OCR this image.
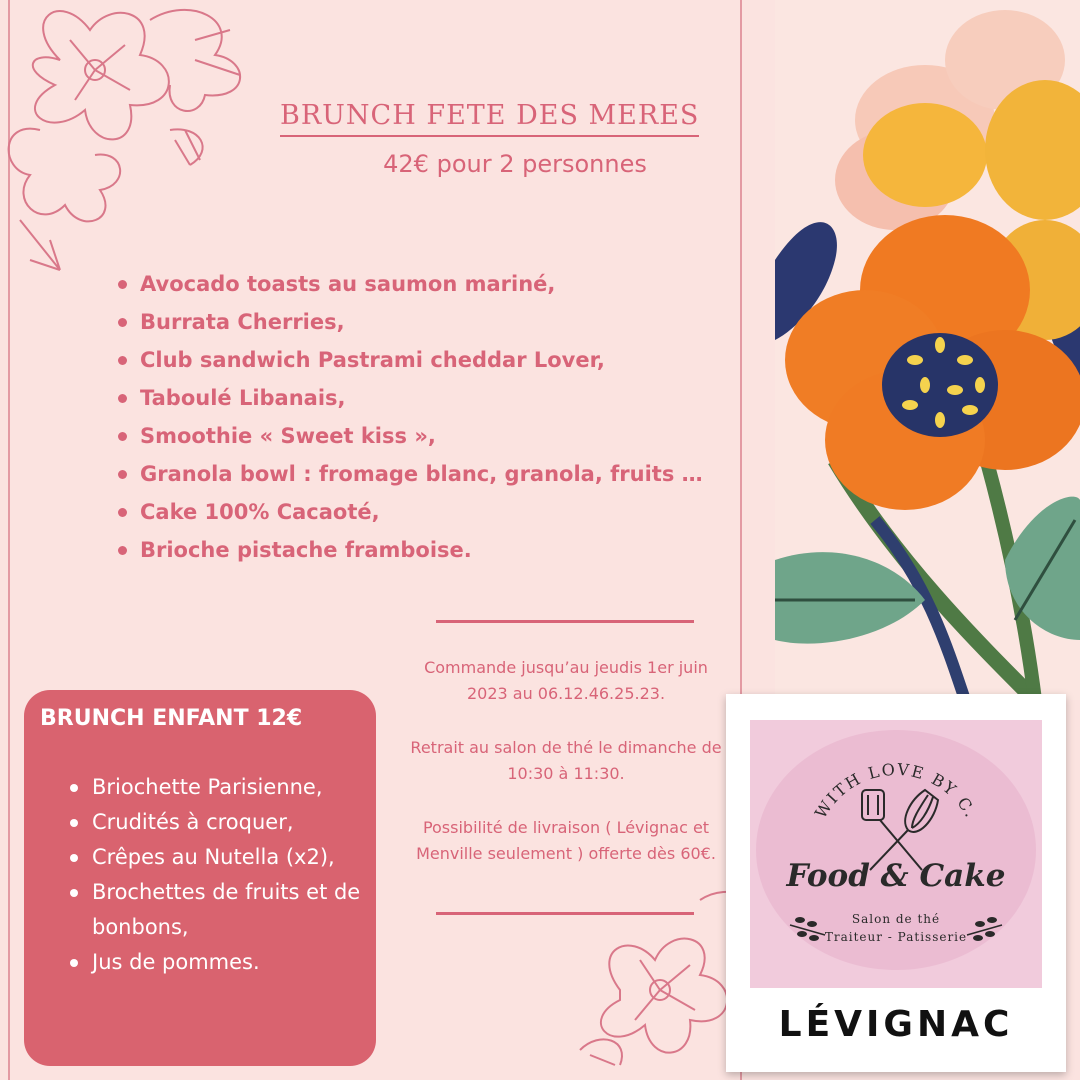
BRUNCH FETE DES MERES
42€ pour 2 personnes
Avocado toasts au saumon mariné,
Burrata Cherries,
Club sandwich Pastrami cheddar Lover,
Taboulé Libanais,
Smoothie « Sweet kiss »,
Granola bowl : fromage blanc, granola, fruits …
Cake 100% Cacaoté,
Brioche pistache framboise.
Commande jusqu’au jeudis 1er juin 2023 au 06.12.46.25.23.
Retrait au salon de thé le dimanche de 10:30 à 11:30.
Possibilité de livraison ( Lévignac et Menville seulement ) offerte dès 60€.
BRUNCH ENFANT 12€
Briochette Parisienne,
Crudités à croquer,
Crêpes au Nutella (x2),
Brochettes de fruits et de bonbons,
Jus de pommes.
WITH LOVE BY C.
Food & Cake
Salon de thé
Traiteur - Patisserie
LÉVIGNAC
